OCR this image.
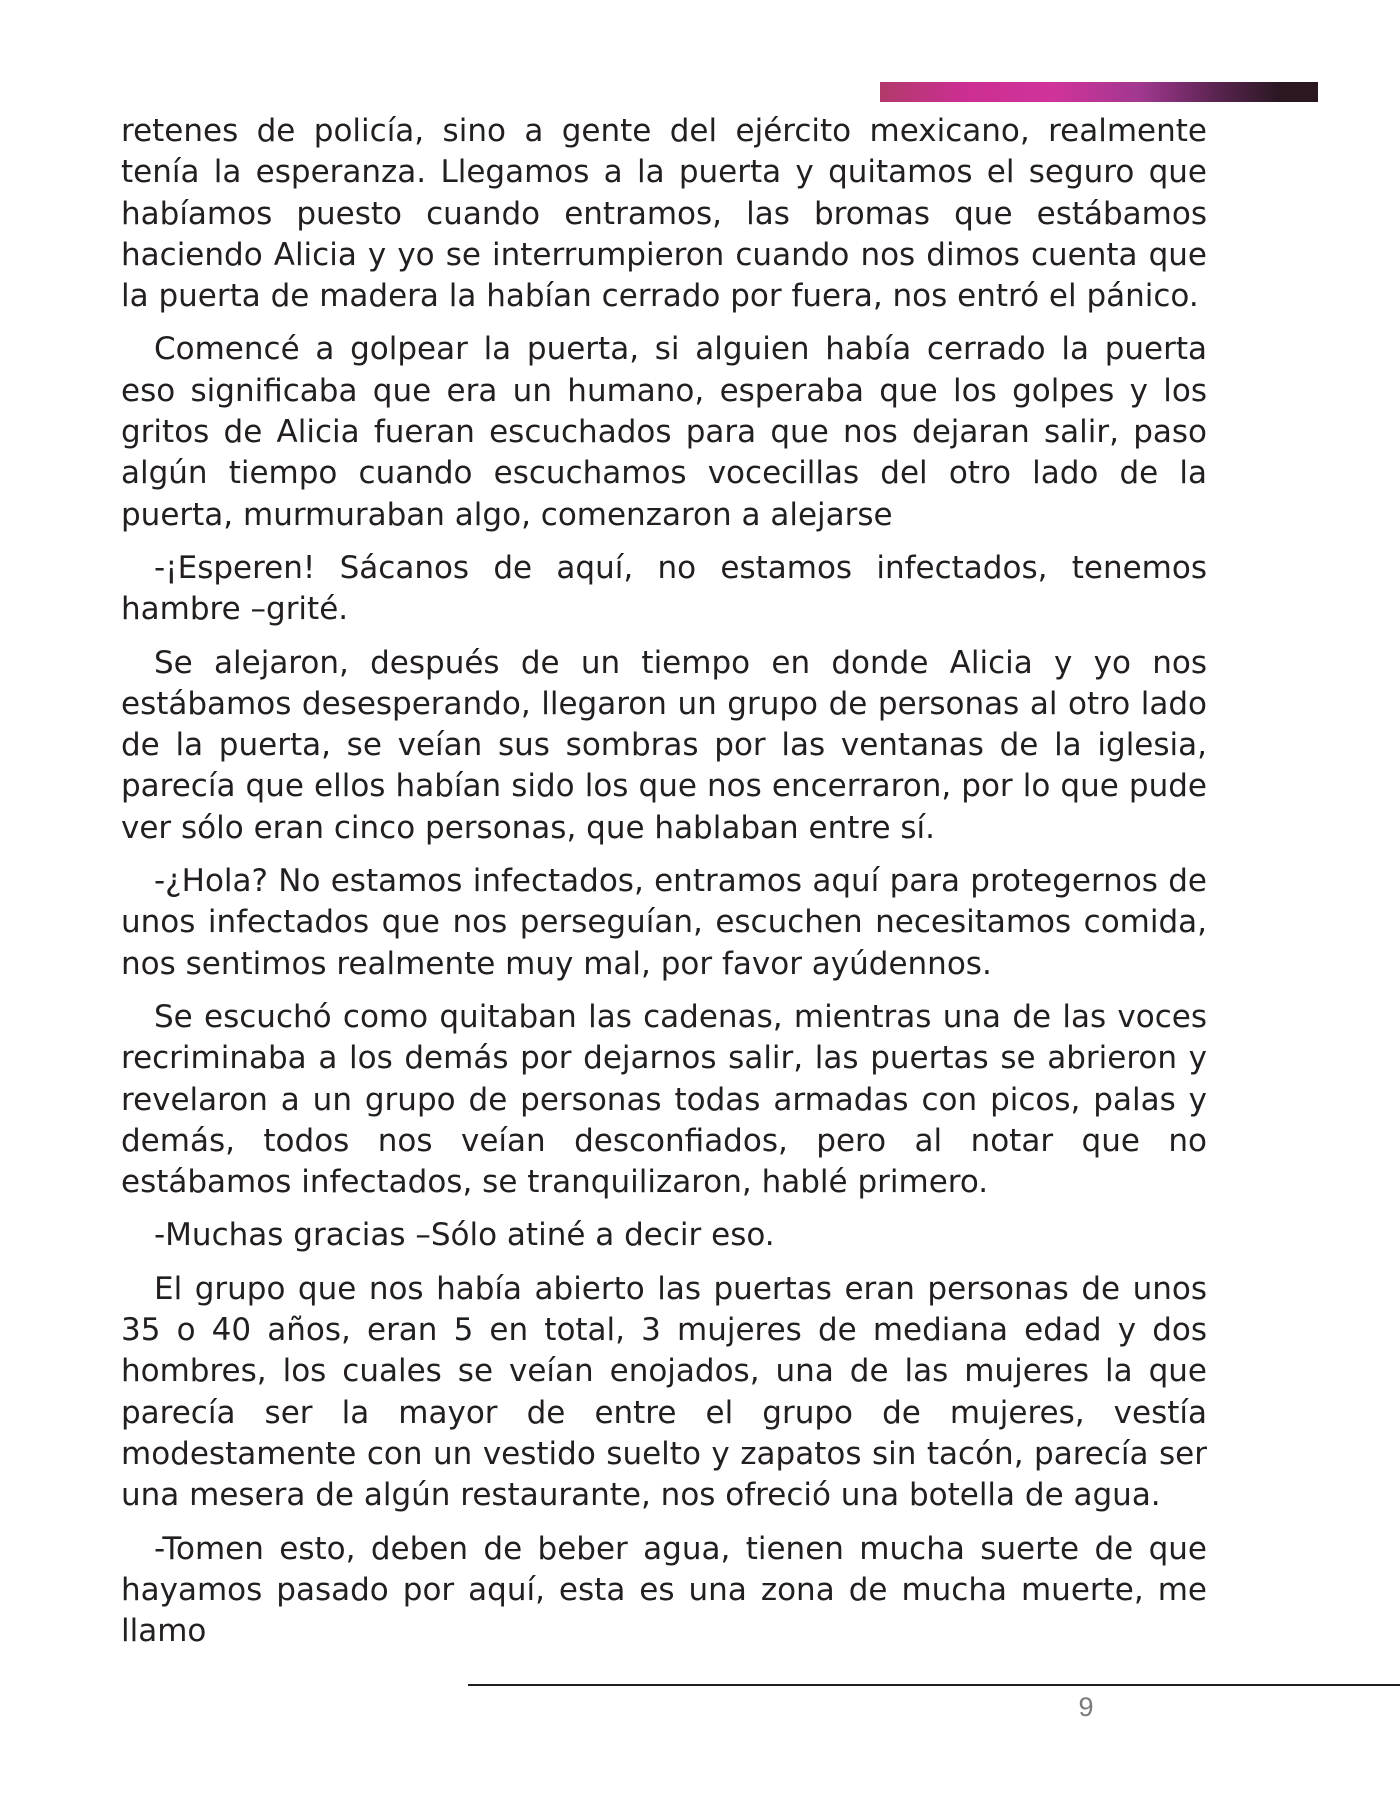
retenes de policía, sino a gente del ejército mexicano, realmente tenía la esperanza. Llegamos a la puerta y quitamos el seguro que habíamos puesto cuando entramos, las bromas que estábamos haciendo Alicia y yo se interrumpieron cuando nos dimos cuenta que la puerta de madera la habían cerrado por fuera, nos entró el pánico.

Comencé a golpear la puerta, si alguien había cerrado la puerta eso significaba que era un humano, esperaba que los golpes y los gritos de Alicia fueran escuchados para que nos dejaran salir, paso algún tiempo cuando escuchamos vocecillas del otro lado de la puerta, murmuraban algo, comenzaron a alejarse

-¡Esperen! Sácanos de aquí, no estamos infectados, tenemos hambre –grité.

Se alejaron, después de un tiempo en donde Alicia y yo nos estábamos desesperando, llegaron un grupo de personas al otro lado de la puerta, se veían sus sombras por las ventanas de la iglesia, parecía que ellos habían sido los que nos encerraron, por lo que pude ver sólo eran cinco personas, que hablaban entre sí.

-¿Hola? No estamos infectados, entramos aquí para protegernos de unos infectados que nos perseguían, escuchen necesitamos comida, nos sentimos realmente muy mal, por favor ayúdennos.

Se escuchó como quitaban las cadenas, mientras una de las voces recriminaba a los demás por dejarnos salir, las puertas se abrieron y revelaron a un grupo de personas todas armadas con picos, palas y demás, todos nos veían desconfiados, pero al notar que no estábamos infectados, se tranquilizaron, hablé primero.

-Muchas gracias –Sólo atiné a decir eso.

El grupo que nos había abierto las puertas eran personas de unos 35 o 40 años, eran 5 en total, 3 mujeres de mediana edad y dos hombres, los cuales se veían enojados, una de las mujeres la que parecía ser la mayor de entre el grupo de mujeres, vestía modestamente con un vestido suelto y zapatos sin tacón, parecía ser una mesera de algún restaurante, nos ofreció una botella de agua.

-Tomen esto, deben de beber agua, tienen mucha suerte de que hayamos pasado por aquí, esta es una zona de mucha muerte, me llamo

9
